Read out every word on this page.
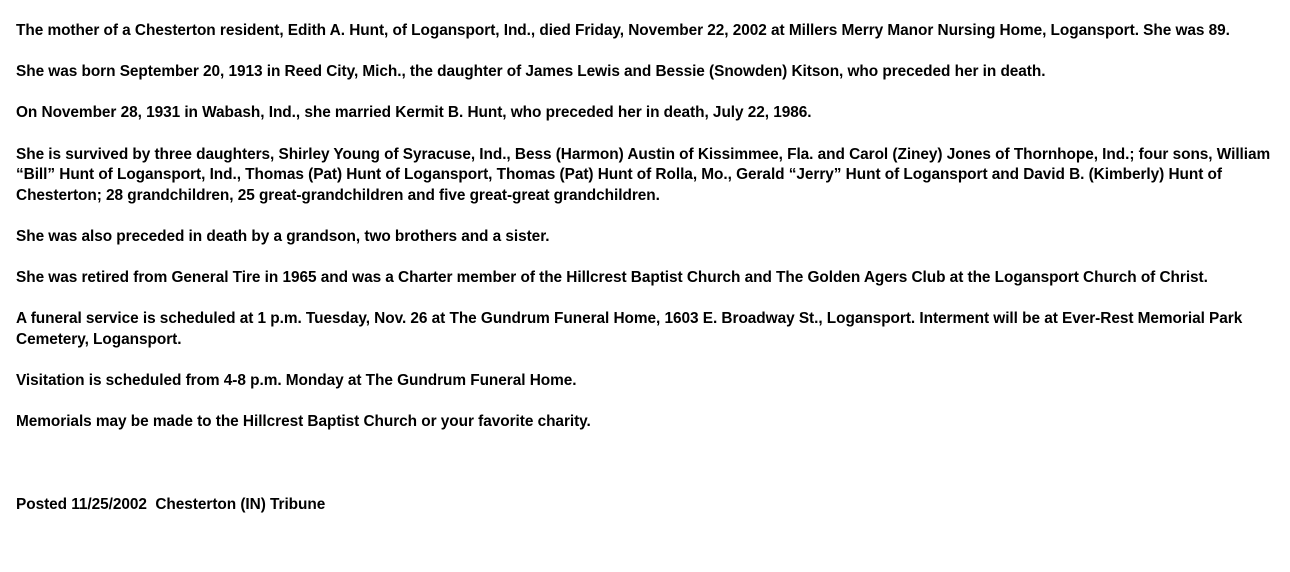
The mother of a Chesterton resident, Edith A. Hunt, of Logansport, Ind., died Friday, November 22, 2002 at Millers Merry Manor Nursing Home, Logansport. She was 89.

She was born September 20, 1913 in Reed City, Mich., the daughter of James Lewis and Bessie (Snowden) Kitson, who preceded her in death.

On November 28, 1931 in Wabash, Ind., she married Kermit B. Hunt, who preceded her in death, July 22, 1986.

She is survived by three daughters, Shirley Young of Syracuse, Ind., Bess (Harmon) Austin of Kissimmee, Fla. and Carol (Ziney) Jones of Thornhope, Ind.; four sons, William “Bill” Hunt of Logansport, Ind., Thomas (Pat) Hunt of Logansport, Thomas (Pat) Hunt of Rolla, Mo., Gerald “Jerry” Hunt of Logansport and David B. (Kimberly) Hunt of Chesterton; 28 grandchildren, 25 great-grandchildren and five great-great grandchildren.

She was also preceded in death by a grandson, two brothers and a sister.

She was retired from General Tire in 1965 and was a Charter member of the Hillcrest Baptist Church and The Golden Agers Club at the Logansport Church of Christ.

A funeral service is scheduled at 1 p.m. Tuesday, Nov. 26 at The Gundrum Funeral Home, 1603 E. Broadway St., Logansport. Interment will be at Ever-Rest Memorial Park Cemetery, Logansport.

Visitation is scheduled from 4-8 p.m. Monday at The Gundrum Funeral Home.

Memorials may be made to the Hillcrest Baptist Church or your favorite charity.

Posted 11/25/2002  Chesterton (IN) Tribune
